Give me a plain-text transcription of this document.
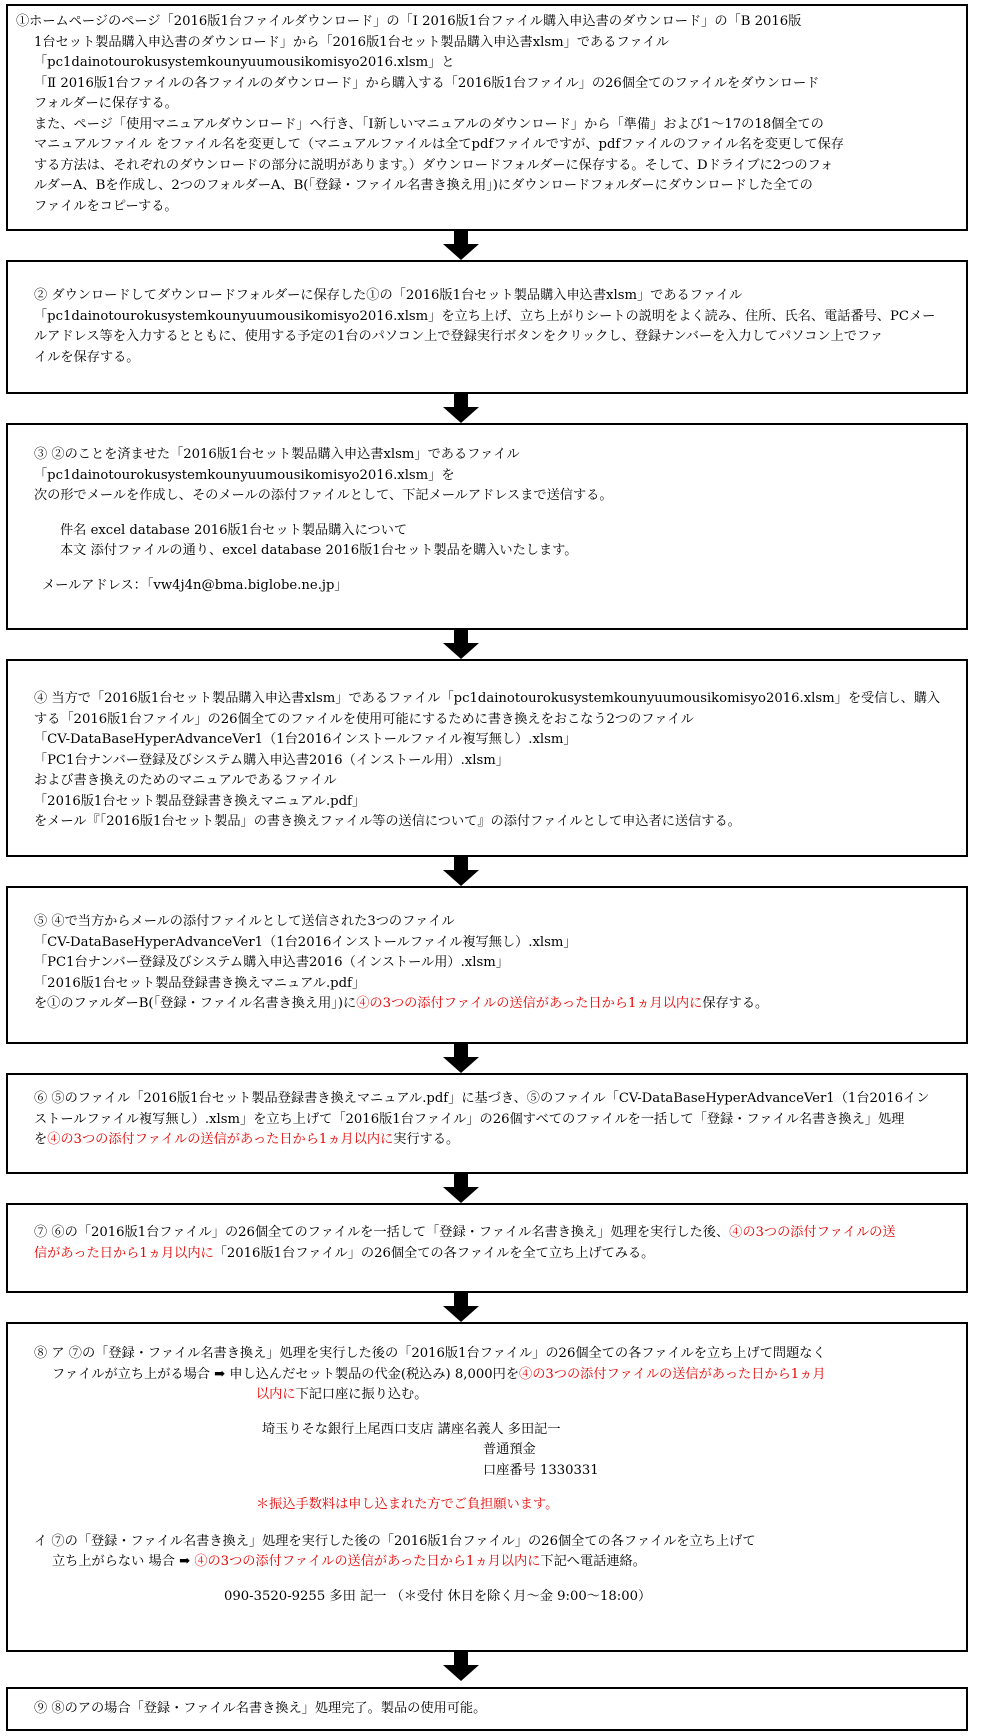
①ホームページのページ「2016版1台ファイルダウンロード」の「Ⅰ 2016版1台ファイル購入申込書のダウンロード」の「B 2016版

1台セット製品購入申込書のダウンロード」から「2016版1台セット製品購入申込書xlsm」であるファイル

「pc1dainotourokusystemkounyuumousikomisyo2016.xlsm」と

「Ⅱ 2016版1台ファイルの各ファイルのダウンロード」から購入する「2016版1台ファイル」の26個全てのファイルをダウンロード

フォルダーに保存する。

また、ページ「使用マニュアルダウンロード」へ行き、「Ⅰ新しいマニュアルのダウンロード」から「準備」および1～17の18個全ての

マニュアルファイル をファイル名を変更して（マニュアルファイルは全てpdfファイルですが、pdfファイルのファイル名を変更して保存

する方法は、それぞれのダウンロードの部分に説明があります。）ダウンロードフォルダーに保存する。そして、Dドライブに2つのフォ

ルダーA、Bを作成し、2つのフォルダーA、B(「登録・ファイル名書き換え用」)にダウンロードフォルダーにダウンロードした全ての

ファイルをコピーする。

② ダウンロードしてダウンロードフォルダーに保存した①の「2016版1台セット製品購入申込書xlsm」であるファイル

「pc1dainotourokusystemkounyuumousikomisyo2016.xlsm」を立ち上げ、立ち上がりシートの説明をよく読み、住所、氏名、電話番号、PCメー

ルアドレス等を入力するとともに、使用する予定の1台のパソコン上で登録実行ボタンをクリックし、登録ナンバーを入力してパソコン上でファ

イルを保存する。

③ ②のことを済ませた「2016版1台セット製品購入申込書xlsm」であるファイル

「pc1dainotourokusystemkounyuumousikomisyo2016.xlsm」を

次の形でメールを作成し、そのメールの添付ファイルとして、下記メールアドレスまで送信する。

件名 excel database 2016版1台セット製品購入について

本文 添付ファイルの通り、excel database 2016版1台セット製品を購入いたします。

メールアドレス：「vw4j4n@bma.biglobe.ne.jp」

④ 当方で「2016版1台セット製品購入申込書xlsm」であるファイル「pc1dainotourokusystemkounyuumousikomisyo2016.xlsm」を受信し、購入

する「2016版1台ファイル」の26個全てのファイルを使用可能にするために書き換えをおこなう2つのファイル

「CV-DataBaseHyperAdvanceVer1（1台2016インストールファイル複写無し）.xlsm」

「PC1台ナンバー登録及びシステム購入申込書2016（インストール用）.xlsm」

および書き換えのためのマニュアルであるファイル

「2016版1台セット製品登録書き換えマニュアル.pdf」

をメール『「2016版1台セット製品」の書き換えファイル等の送信について』の添付ファイルとして申込者に送信する。

⑤ ④で当方からメールの添付ファイルとして送信された3つのファイル

「CV-DataBaseHyperAdvanceVer1（1台2016インストールファイル複写無し）.xlsm」

「PC1台ナンバー登録及びシステム購入申込書2016（インストール用）.xlsm」

「2016版1台セット製品登録書き換えマニュアル.pdf」

を①のファルダーB(「登録・ファイル名書き換え用」)に④の3つの添付ファイルの送信があった日から1ヵ月以内に保存する。

⑥ ⑤のファイル「2016版1台セット製品登録書き換えマニュアル.pdf」に基づき、⑤のファイル「CV-DataBaseHyperAdvanceVer1（1台2016イン

ストールファイル複写無し）.xlsm」を立ち上げて「2016版1台ファイル」の26個すべてのファイルを一括して「登録・ファイル名書き換え」処理

を④の3つの添付ファイルの送信があった日から1ヵ月以内に実行する。

⑦ ⑥の「2016版1台ファイル」の26個全てのファイルを一括して「登録・ファイル名書き換え」処理を実行した後、④の3つの添付ファイルの送

信があった日から1ヵ月以内に「2016版1台ファイル」の26個全ての各ファイルを全て立ち上げてみる。

⑧ ア ⑦の「登録・ファイル名書き換え」処理を実行した後の「2016版1台ファイル」の26個全ての各ファイルを立ち上げて問題なく

ファイルが立ち上がる場合 ➡ 申し込んだセット製品の代金(税込み) 8,000円を④の3つの添付ファイルの送信があった日から1ヵ月

以内に下記口座に振り込む。

埼玉りそな銀行上尾西口支店 講座名義人 多田記一

普通預金

口座番号 1330331

＊振込手数料は申し込まれた方でご負担願います。

イ ⑦の「登録・ファイル名書き換え」処理を実行した後の「2016版1台ファイル」の26個全ての各ファイルを立ち上げて

立ち上がらない 場合 ➡ ④の3つの添付ファイルの送信があった日から1ヵ月以内に下記へ電話連絡。

090-3520-9255 多田 記一 （＊受付 休日を除く月～金 9:00～18:00）

⑨ ⑧のアの場合「登録・ファイル名書き換え」処理完了。製品の使用可能。
